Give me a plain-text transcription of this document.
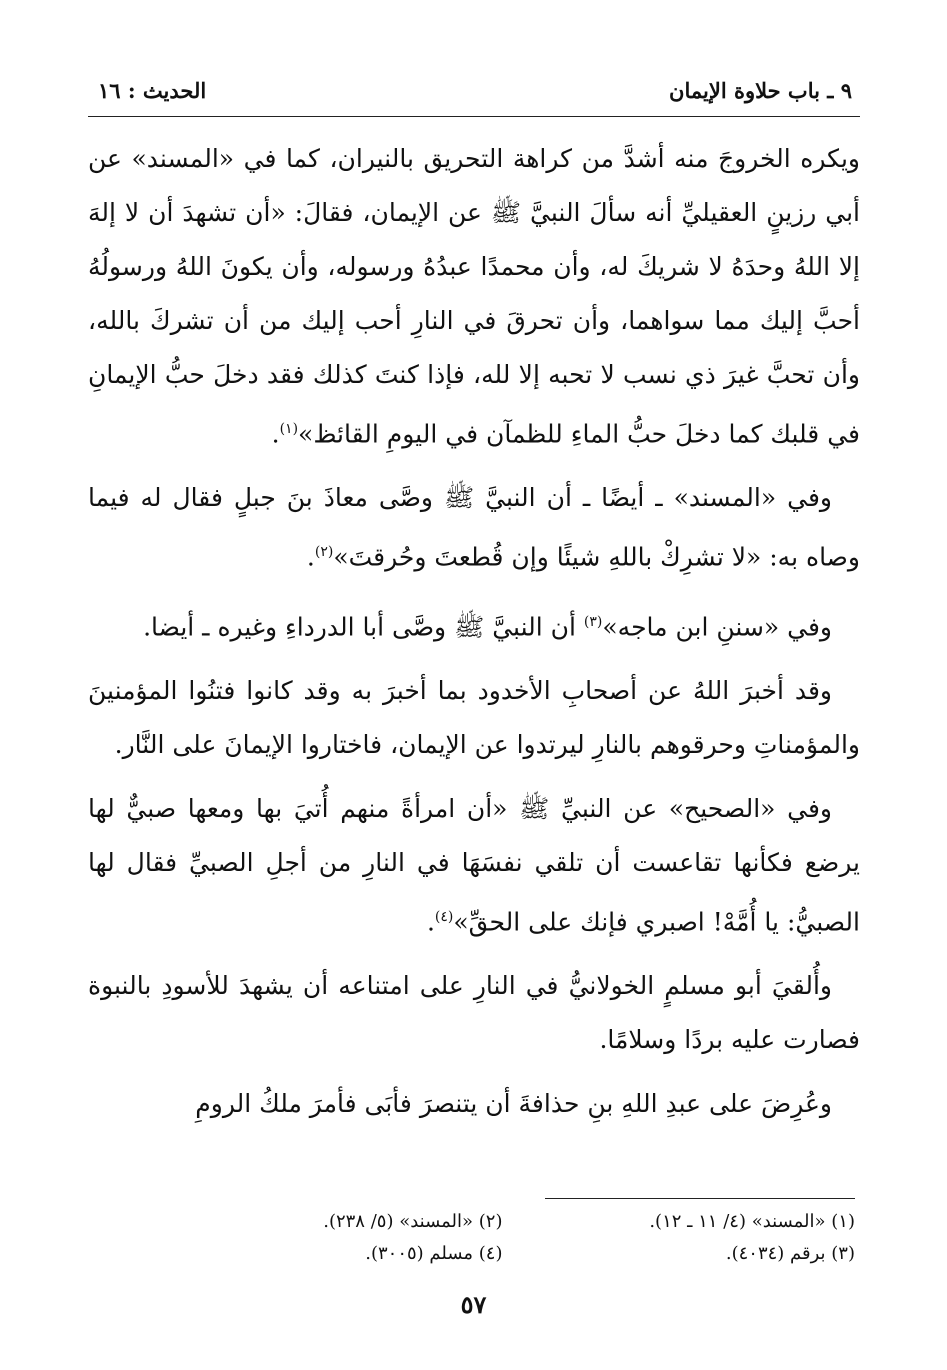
٩ ـ باب حلاوة الإيمان
الحديث : ١٦

ويكره الخروجَ منه أشدَّ من كراهة التحريق بالنيران، كما في «المسند» عن أبي رزينٍ العقيليِّ أنه سألَ النبيَّ ﷺ عن الإيمان، فقالَ: «أن تشهدَ أن لا إلهَ إلا اللهُ وحدَهُ لا شريكَ له، وأن محمدًا عبدُهُ ورسوله، وأن يكونَ اللهُ ورسولُهُ أحبَّ إليك مما سواهما، وأن تحرقَ في النارِ أحب إليك من أن تشركَ بالله، وأن تحبَّ غيرَ ذي نسب لا تحبه إلا لله، فإذا كنتَ كذلك فقد دخلَ حبُّ الإيمانِ في قلبك كما دخلَ حبُّ الماءِ للظمآن في اليومِ القائظ»$^{(١)}$.

وفي «المسند» ـ أيضًا ـ أن النبيَّ ﷺ وصَّى معاذَ بنَ جبلٍ فقال له فيما وصاه به: «لا تشرِكْ باللهِ شيئًا وإن قُطعتَ وحُرقتَ»$^{(٢)}$.

وفي «سننِ ابن ماجه»$^{(٣)}$ أن النبيَّ ﷺ وصَّى أبا الدرداءِ وغيره ـ أيضا.

وقد أخبرَ اللهُ عن أصحابِ الأخدود بما أخبرَ به وقد كانوا فتنُوا المؤمنينَ والمؤمناتِ وحرقوهم بالنارِ ليرتدوا عن الإيمان، فاختاروا الإيمانَ على النَّار.

وفي «الصحيح» عن النبيِّ ﷺ «أن امرأةً منهم أُتيَ بها ومعها صبيٌّ لها يرضع فكأنها تقاعست أن تلقي نفسَهَا في النارِ من أجلِ الصبيِّ فقال لها الصبيُّ: يا أُمَّهْ! اصبري فإنك على الحقِّ»$^{(٤)}$.

وأُلقيَ أبو مسلمٍ الخولانيُّ في النارِ على امتناعه أن يشهدَ للأسودِ بالنبوة فصارت عليه بردًا وسلامًا.

وعُرِضَ على عبدِ اللهِ بنِ حذافةَ أن يتنصرَ فأبَى فأمرَ ملكُ الرومِ

(١) «المسند» (٤/ ١١ ـ ١٢).
(٢) «المسند» (٥/ ٢٣٨).
(٣) برقم (٤٠٣٤).
(٤) مسلم (٣٠٠٥).
٥٧
